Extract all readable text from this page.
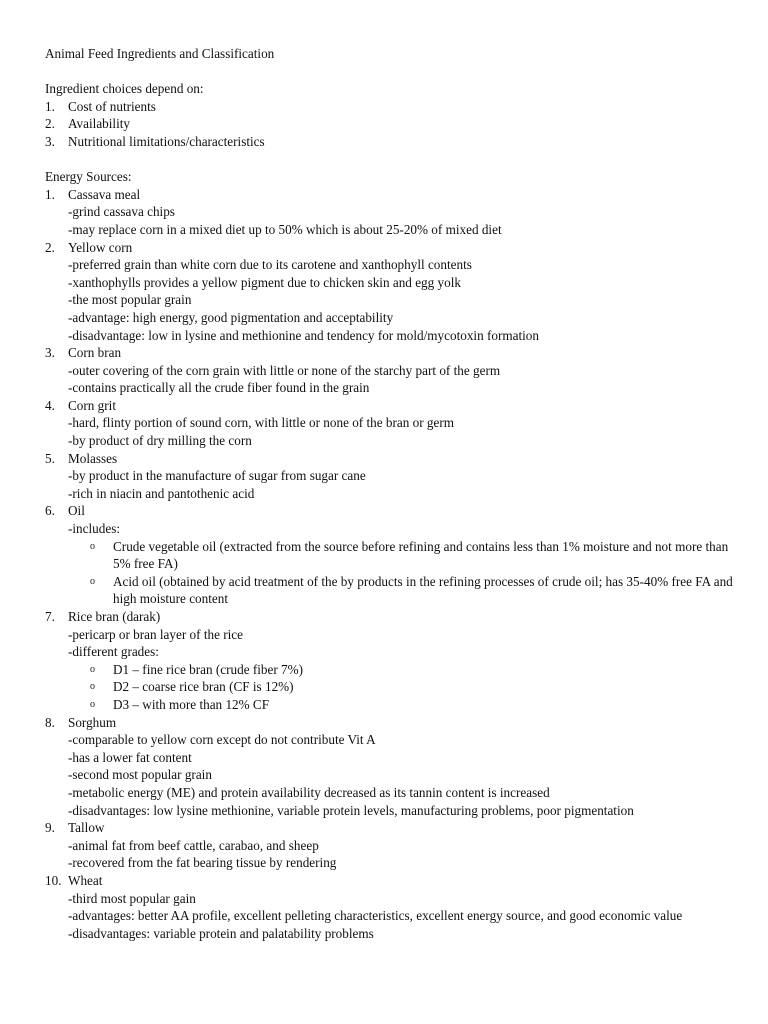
Animal Feed Ingredients and Classification

Ingredient choices depend on:

1. Cost of nutrients
2. Availability
3. Nutritional limitations/characteristics

Energy Sources:

1. Cassava meal
-grind cassava chips
-may replace corn in a mixed diet up to 50% which is about 25-20% of mixed diet
2. Yellow corn
-preferred grain than white corn due to its carotene and xanthophyll contents
-xanthophylls provides a yellow pigment due to chicken skin and egg yolk
-the most popular grain
-advantage: high energy, good pigmentation and acceptability
-disadvantage: low in lysine and methionine and tendency for mold/mycotoxin formation
3. Corn bran
-outer covering of the corn grain with little or none of the starchy part of the germ
-contains practically all the crude fiber found in the grain
4. Corn grit
-hard, flinty portion of sound corn, with little or none of the bran or germ
-by product of dry milling the corn
5. Molasses
-by product in the manufacture of sugar from sugar cane
-rich in niacin and pantothenic acid
6. Oil
-includes:
o	Crude vegetable oil (extracted from the source before refining and contains less than 1% moisture and not more than 5% free FA)
o	Acid oil (obtained by acid treatment of the by products in the refining processes of crude oil; has 35-40% free FA and high moisture content
7. Rice bran (darak)
-pericarp or bran layer of the rice
-different grades:
o	D1 – fine rice bran (crude fiber 7%)
o	D2 – coarse rice bran (CF is 12%)
o	D3 – with more than 12% CF
8. Sorghum
-comparable to yellow corn except do not contribute Vit A
-has a lower fat content
-second most popular grain
-metabolic energy (ME) and protein availability decreased as its tannin content is increased
-disadvantages: low lysine methionine, variable protein levels, manufacturing problems, poor pigmentation
9. Tallow
-animal fat from beef cattle, carabao, and sheep
-recovered from the fat bearing tissue by rendering
10. Wheat
-third most popular gain
-advantages: better AA profile, excellent pelleting characteristics, excellent energy source, and good economic value
-disadvantages: variable protein and palatability problems
